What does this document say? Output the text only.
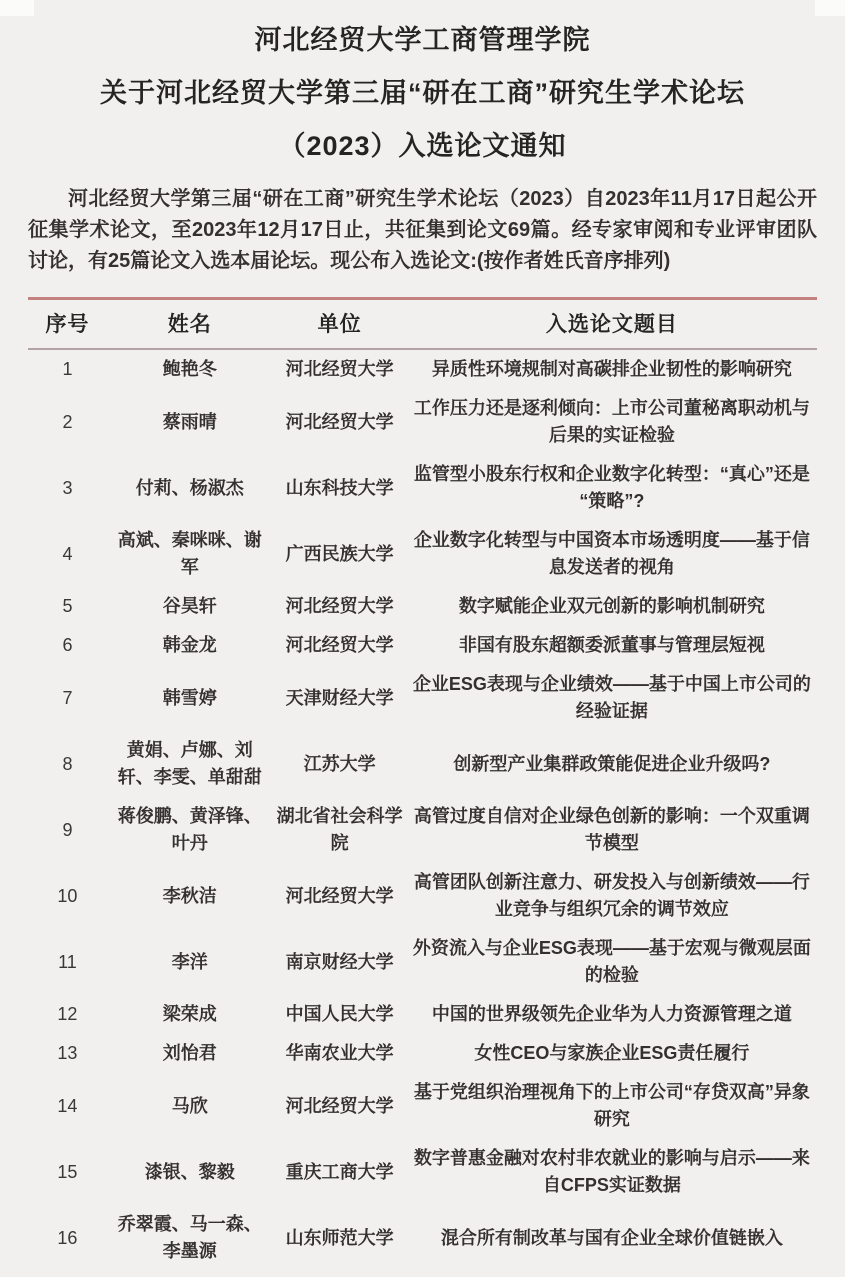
河北经贸大学工商管理学院
关于河北经贸大学第三届“研在工商”研究生学术论坛
（2023）入选论文通知

河北经贸大学第三届“研在工商”研究生学术论坛（2023）自2023年11月17日起公开征集学术论文，至2023年12月17日止，共征集到论文69篇。经专家审阅和专业评审团队讨论，有25篇论文入选本届论坛。现公布入选论文:(按作者姓氏音序排列)

序号	姓名	单位	入选论文题目
1	鲍艳冬	河北经贸大学	异质性环境规制对高碳排企业韧性的影响研究
2	蔡雨晴	河北经贸大学	工作压力还是逐利倾向：上市公司董秘离职动机与后果的实证检验
3	付莉、杨淑杰	山东科技大学	监管型小股东行权和企业数字化转型：“真心”还是“策略”?
4	高斌、秦咪咪、谢军	广西民族大学	企业数字化转型与中国资本市场透明度——基于信息发送者的视角
5	谷昊轩	河北经贸大学	数字赋能企业双元创新的影响机制研究
6	韩金龙	河北经贸大学	非国有股东超额委派董事与管理层短视
7	韩雪婷	天津财经大学	企业ESG表现与企业绩效——基于中国上市公司的经验证据
8	黄娟、卢娜、刘轩、李雯、单甜甜	江苏大学	创新型产业集群政策能促进企业升级吗?
9	蒋俊鹏、黄泽锋、叶丹	湖北省社会科学院	高管过度自信对企业绿色创新的影响：一个双重调节模型
10	李秋洁	河北经贸大学	高管团队创新注意力、研发投入与创新绩效——行业竞争与组织冗余的调节效应
11	李洋	南京财经大学	外资流入与企业ESG表现——基于宏观与微观层面的检验
12	梁荣成	中国人民大学	中国的世界级领先企业华为人力资源管理之道
13	刘怡君	华南农业大学	女性CEO与家族企业ESG责任履行
14	马欣	河北经贸大学	基于党组织治理视角下的上市公司“存贷双高”异象研究
15	漆银、黎毅	重庆工商大学	数字普惠金融对农村非农就业的影响与启示——来自CFPS实证数据
16	乔翠霞、马一森、李墨源	山东师范大学	混合所有制改革与国有企业全球价值链嵌入
